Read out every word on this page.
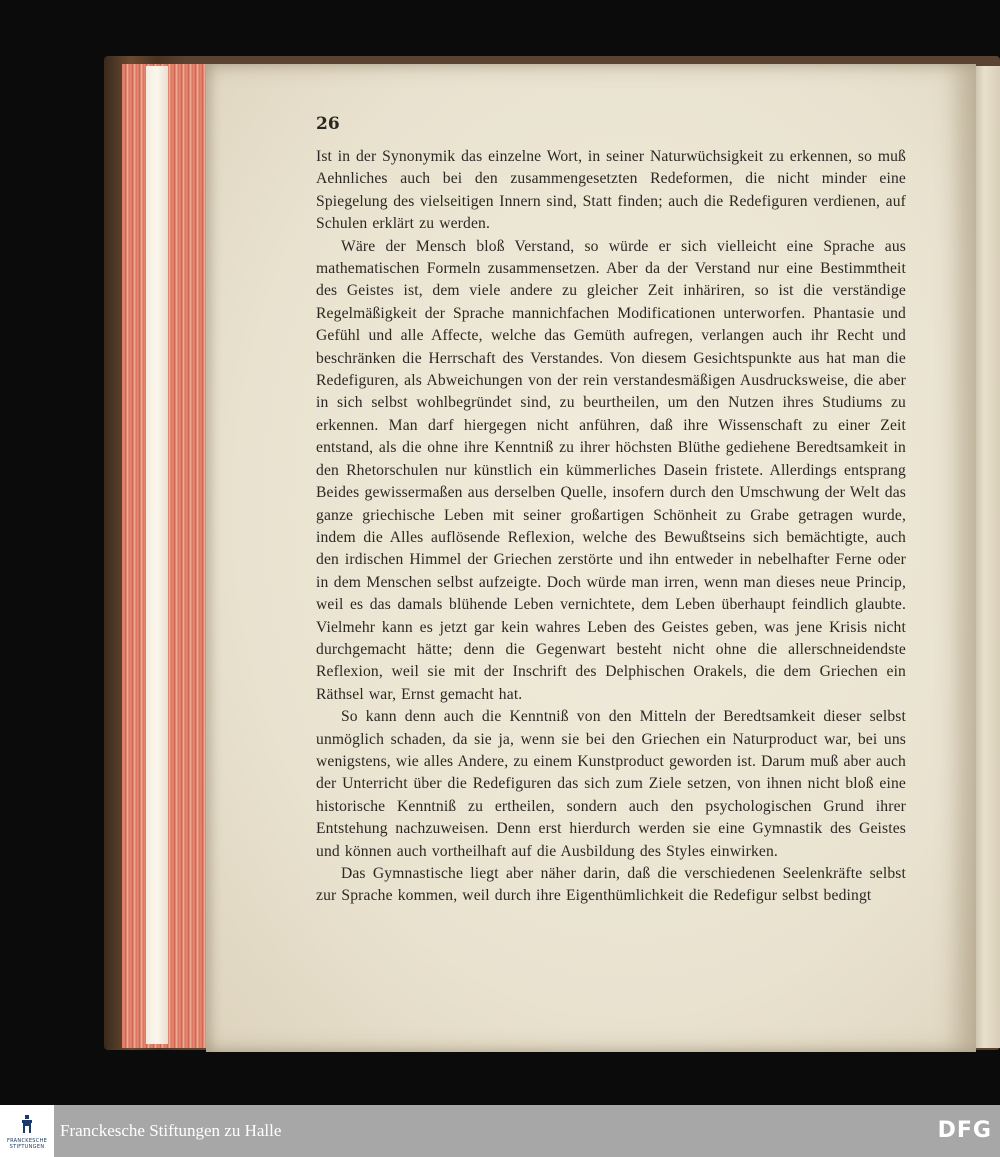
26

Ist in der Synonymik das einzelne Wort, in seiner Naturwüchsigkeit zu erkennen, so muß Aehnliches auch bei den zusammengesetzten Redeformen, die nicht minder eine Spiegelung des vielseitigen Innern sind, Statt finden; auch die Redefiguren verdienen, auf Schulen erklärt zu werden.

Wäre der Mensch bloß Verstand, so würde er sich vielleicht eine Sprache aus mathematischen Formeln zusammensetzen. Aber da der Verstand nur eine Bestimmtheit des Geistes ist, dem viele andere zu gleicher Zeit inhäriren, so ist die verständige Regelmäßigkeit der Sprache mannichfachen Modificationen unterworfen. Phantasie und Gefühl und alle Affecte, welche das Gemüth aufregen, verlangen auch ihr Recht und beschränken die Herrschaft des Verstandes. Von diesem Gesichtspunkte aus hat man die Redefiguren, als Abweichungen von der rein verstandesmäßigen Ausdrucksweise, die aber in sich selbst wohlbegründet sind, zu beurtheilen, um den Nutzen ihres Studiums zu erkennen. Man darf hiergegen nicht anführen, daß ihre Wissenschaft zu einer Zeit entstand, als die ohne ihre Kenntniß zu ihrer höchsten Blüthe gediehene Beredtsamkeit in den Rhetorschulen nur künstlich ein kümmerliches Dasein fristete. Allerdings entsprang Beides gewissermaßen aus derselben Quelle, insofern durch den Umschwung der Welt das ganze griechische Leben mit seiner großartigen Schönheit zu Grabe getragen wurde, indem die Alles auflösende Reflexion, welche des Bewußtseins sich bemächtigte, auch den irdischen Himmel der Griechen zerstörte und ihn entweder in nebelhafter Ferne oder in dem Menschen selbst aufzeigte. Doch würde man irren, wenn man dieses neue Princip, weil es das damals blühende Leben vernichtete, dem Leben überhaupt feindlich glaubte. Vielmehr kann es jetzt gar kein wahres Leben des Geistes geben, was jene Krisis nicht durchgemacht hätte; denn die Gegenwart besteht nicht ohne die allerschneidendste Reflexion, weil sie mit der Inschrift des Delphischen Orakels, die dem Griechen ein Räthsel war, Ernst gemacht hat.

So kann denn auch die Kenntniß von den Mitteln der Beredtsamkeit dieser selbst unmöglich schaden, da sie ja, wenn sie bei den Griechen ein Naturproduct war, bei uns wenigstens, wie alles Andere, zu einem Kunstproduct geworden ist. Darum muß aber auch der Unterricht über die Redefiguren das sich zum Ziele setzen, von ihnen nicht bloß eine historische Kenntniß zu ertheilen, sondern auch den psychologischen Grund ihrer Entstehung nachzuweisen. Denn erst hierdurch werden sie eine Gymnastik des Geistes und können auch vortheilhaft auf die Ausbildung des Styles einwirken.

Das Gymnastische liegt aber näher darin, daß die verschiedenen Seelenkräfte selbst zur Sprache kommen, weil durch ihre Eigenthümlichkeit die Redefigur selbst bedingt

FRANCKESCHE
STIFTUNGEN
Franckesche Stiftungen zu Halle	DFG
